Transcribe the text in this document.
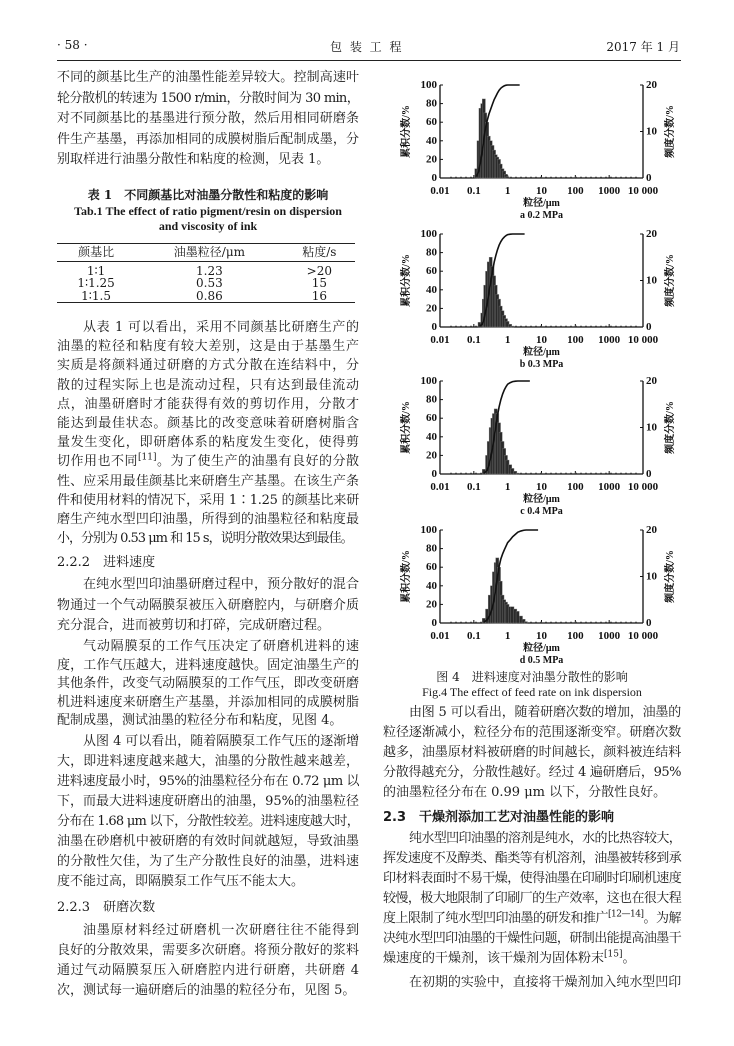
· 58 ·	包 装 工 程	2017 年 1 月
不同的颜基比生产的油墨性能差异较大。控制高速叶
轮分散机的转速为 1500 r/min，分散时间为 30 min，
对不同颜基比的基墨进行预分散，然后用相同研磨条
件生产基墨，再添加相同的成膜树脂后配制成墨，分
别取样进行油墨分散性和粘度的检测，见表 1。
表 1　不同颜基比对油墨分散性和粘度的影响
Tab.1 The effect of ratio pigment/resin on dispersion and viscosity of ink
颜基比	油墨粒径/μm	粘度/s
1∶1	1.23	>20
1∶1.25	0.53	15
1∶1.5	0.86	16
从表 1 可以看出，采用不同颜基比研磨生产的
油墨的粒径和粘度有较大差别，这是由于基墨生产
实质是将颜料通过研磨的方式分散在连结料中，分
散的过程实际上也是流动过程，只有达到最佳流动
点，油墨研磨时才能获得有效的剪切作用，分散才
能达到最佳状态。颜基比的改变意味着研磨树脂含
量发生变化，即研磨体系的粘度发生变化，使得剪
切作用也不同[11]。为了使生产的油墨有良好的分散
性、应采用最佳颜基比来研磨生产基墨。在该生产条
件和使用材料的情况下，采用 1∶1.25 的颜基比来研
磨生产纯水型凹印油墨，所得到的油墨粒径和粘度最
小，分别为 0.53 μm 和 15 s，说明分散效果达到最佳。
2.2.2　进料速度
在纯水型凹印油墨研磨过程中，预分散好的混合
物通过一个气动隔膜泵被压入研磨腔内，与研磨介质
充分混合，进而被剪切和打碎，完成研磨过程。
气动隔膜泵的工作气压决定了研磨机进料的速
度，工作气压越大，进料速度越快。固定油墨生产的
其他条件，改变气动隔膜泵的工作气压，即改变研磨
机进料速度来研磨生产基墨，并添加相同的成膜树脂
配制成墨，测试油墨的粒径分布和粘度，见图 4。
从图 4 可以看出，随着隔膜泵工作气压的逐渐增
大，即进料速度越来越大，油墨的分散性越来越差，
进料速度最小时，95%的油墨粒径分布在 0.72 μm 以
下，而最大进料速度研磨出的油墨，95%的油墨粒径
分布在 1.68 μm 以下，分散性较差。进料速度越大时，
油墨在砂磨机中被研磨的有效时间就越短，导致油墨
的分散性欠佳，为了生产分散性良好的油墨，进料速
度不能过高，即隔膜泵工作气压不能太大。
2.2.3　研磨次数
油墨原材料经过研磨机一次研磨往往不能得到
良好的分散效果，需要多次研磨。将预分散好的浆料
通过气动隔膜泵压入研磨腔内进行研磨，共研磨 4
次，测试每一遍研磨后的油墨的粒径分布，见图 5。
0
20
40
60
80
100
0
10
20
0.01 0.1 1 10 100 1000 10 000
粒径/μm
a 0.2 MPa
累积分数/%	频度分数/%
0
20
40
60
80
100
0
10
20
0.01 0.1 1 10 100 1000 10 000
粒径/μm
b 0.3 MPa
累积分数/%	频度分数/%
0
20
40
60
80
100
0
10
20
0.01 0.1 1 10 100 1000 10 000
粒径/μm
c 0.4 MPa
累积分数/%	频度分数/%
0
20
40
60
80
100
0
10
20
0.01 0.1 1 10 100 1000 10 000
粒径/μm
d 0.5 MPa
累积分数/%	频度分数/%
图 4　进料速度对油墨分散性的影响
Fig.4 The effect of feed rate on ink dispersion
由图 5 可以看出，随着研磨次数的增加，油墨的
粒径逐渐减小，粒径分布的范围逐渐变窄。研磨次数
越多，油墨原材料被研磨的时间越长，颜料被连结料
分散得越充分，分散性越好。经过 4 遍研磨后，95%
的油墨粒径分布在 0.99 μm 以下，分散性良好。
2.3　干燥剂添加工艺对油墨性能的影响
纯水型凹印油墨的溶剂是纯水，水的比热容较大，
挥发速度不及醇类、酯类等有机溶剂，油墨被转移到承
印材料表面时不易干燥，使得油墨在印刷时印刷机速度
较慢，极大地限制了印刷厂的生产效率，这也在很大程
度上限制了纯水型凹印油墨的研发和推广[12—14]。为解
决纯水型凹印油墨的干燥性问题，研制出能提高油墨干
燥速度的干燥剂，该干燥剂为固体粉末[15]。
在初期的实验中，直接将干燥剂加入纯水型凹印
